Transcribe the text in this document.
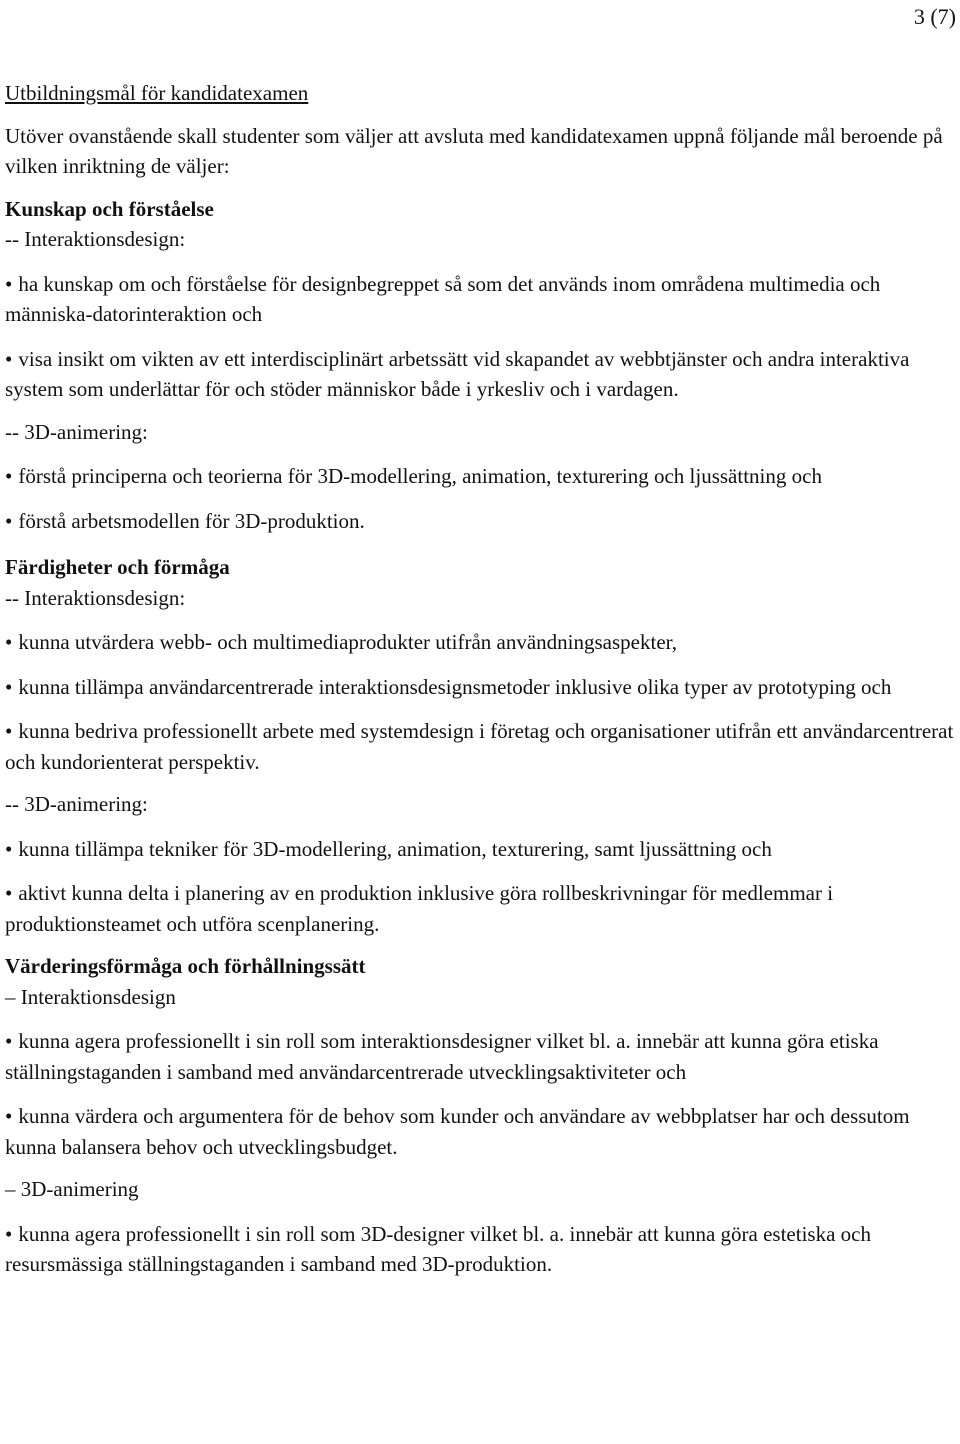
3 (7)
Utbildningsmål för kandidatexamen
Utöver ovanstående skall studenter som väljer att avsluta med kandidatexamen uppnå följande mål beroende på vilken inriktning de väljer:
Kunskap och förståelse
-- Interaktionsdesign:
• ha kunskap om och förståelse för designbegreppet så som det används inom områdena multimedia och människa-datorinteraktion och
• visa insikt om vikten av ett interdisciplinärt arbetssätt vid skapandet av webbtjänster och andra interaktiva system som underlättar för och stöder människor både i yrkesliv och i vardagen.
-- 3D-animering:
• förstå principerna och teorierna för 3D-modellering, animation, texturering och ljussättning och
• förstå arbetsmodellen för 3D-produktion.
Färdigheter och förmåga
-- Interaktionsdesign:
• kunna utvärdera webb- och multimediaprodukter utifrån användningsaspekter,
• kunna tillämpa användarcentrerade interaktionsdesignsmetoder inklusive olika typer av prototyping och
• kunna bedriva professionellt arbete med systemdesign i företag och organisationer utifrån ett användarcentrerat och kundorienterat perspektiv.
-- 3D-animering:
• kunna tillämpa tekniker för 3D-modellering, animation, texturering, samt ljussättning och
• aktivt kunna delta i planering av en produktion inklusive göra rollbeskrivningar för medlemmar i produktionsteamet och utföra scenplanering.
Värderingsförmåga och förhållningssätt
– Interaktionsdesign
• kunna agera professionellt i sin roll som interaktionsdesigner vilket bl. a. innebär att kunna göra etiska ställningstaganden i samband med användarcentrerade utvecklingsaktiviteter och
• kunna värdera och argumentera för de behov som kunder och användare av webbplatser har och dessutom kunna balansera behov och utvecklingsbudget.
– 3D-animering
• kunna agera professionellt i sin roll som 3D-designer vilket bl. a. innebär att kunna göra estetiska och resursmässiga ställningstaganden i samband med 3D-produktion.
